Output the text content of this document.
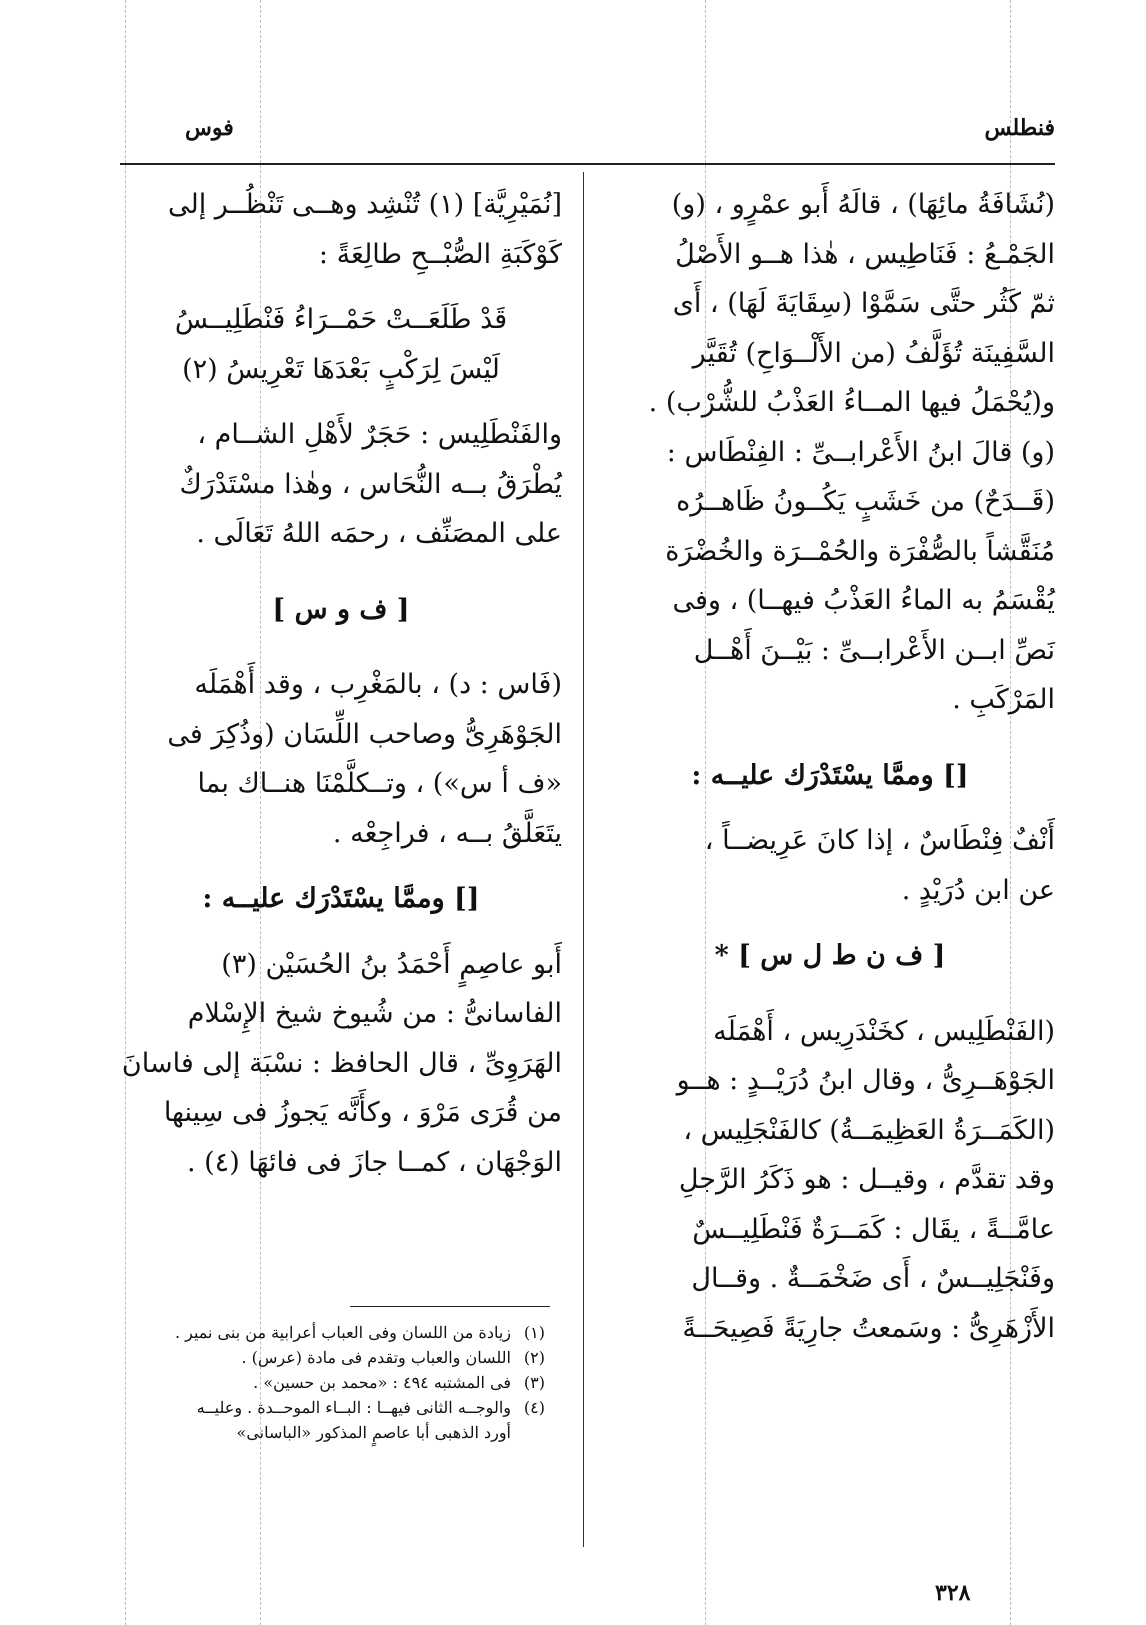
فنطلس
فوس

(نُشَافَةُ مائِهَا) ، قالَهُ أَبو عمْرٍو ، (و)

الجَمْـعُ : فَنَاطِيس ، هٰذا هــو الأَصْلُ

ثمّ كَثُر حتَّى سَمَّوْا (سِقَايَةَ لَهَا) ، أَى

السَّفِينَة تُؤَلَّفُ (من الأَلْــوَاحِ) تُقَيَّر

و(يُحْمَلُ فيها المــاءُ العَذْبُ للشُّرْب) .

(و) قالَ ابنُ الأَعْرابــىِّ : الفِنْطَاس :

(قَــدَحٌ) من خَشَبٍ يَكُــونُ ظَاهــرُه

مُنَقَّشاً بالصُّفْرَة والحُمْــرَة والخُضْرَة

يُقْسَمُ به الماءُ العَذْبُ فيهــا) ، وفى

نَصِّ ابــن الأَعْرابــىِّ : بَيْــنَ أَهْــل

المَرْكَبِ .

[] وممَّا يسْتَدْرَك عليــه :

أَنْفٌ فِنْطَاسٌ ، إذا كانَ عَرِيضــاً ،

عن ابن دُرَيْدٍ .

[ ف ن ط ل س ] *

(الفَنْطَلِيس ، كخَنْدَرِيس ، أَهْمَلَه

الجَوْهَــرِىُّ ، وقال ابنُ دُرَيْــدٍ : هــو

(الكَمَــرَةُ العَظِيمَــةُ) كالفَنْجَلِيس ،

وقد تقدَّم ، وقيــل : هو ذَكَرُ الرَّجلِ

عامَّــةً ، يقَال : كَمَــرَةٌ فَنْطَلِيــسٌ

وفَنْجَلِيــسٌ ، أَى ضَخْمَــةٌ . وقــال

الأَزْهَرِىُّ : وسَمعتُ جارِيَةً فَصِيحَــةً

[نُمَيْرِيَّة] (١) تُنْشِد وهــى تَنْظُــر إلى

كَوْكَبَةِ الصُّبْــحِ طالِعَةً :

قَدْ طَلَعَــتْ حَمْــرَاءُ فَنْطَلِيــسُ
لَيْسَ لِرَكْبٍ بَعْدَهَا تَعْرِيسُ (٢)

والفَنْطَلِيس : حَجَرٌ لأَهْلِ الشــام ،

يُطْرَقُ بــه النُّحَاس ، وهٰذا مسْتَدْرَكٌ

على المصَنِّف ، رحمَه اللهُ تَعَالَى .

[ ف و س ]

(فَاس : د) ، بالمَغْرِب ، وقد أَهْمَلَه

الجَوْهَرِىُّ وصاحب اللِّسَان (وذُكِرَ فى

«ف أ س») ، وتــكلَّمْنَا هنــاك بما

يتَعَلَّقُ بــه ، فراجِعْه .

[] وممَّا يسْتَدْرَك عليــه :

أَبو عاصِمٍ أَحْمَدُ بنُ الحُسَيْن (٣)

الفاسانىُّ : من شُيوخ شيخ الإِسْلام

الهَرَوِىِّ ، قال الحافظ : نسْبَة إلى فاسانَ

من قُرَى مَرْوَ ، وكأَنَّه يَجوزُ فى سِينها

الوَجْهَان ، كمــا جازَ فى فائهَا (٤) .

(١)زيادة من اللسان وفى العباب أعرابية من بنى نمير .

(٢)اللسان والعباب وتقدم فى مادة (عرس) .

(٣)فى المشتبه ٤٩٤ : «محمد بن حسين» .

(٤)والوجــه الثانى فيهــا : البــاء الموحــدة . وعليــه

أورد الذهبى أبا عاصمٍ المذكور «الباسانى»

٣٢٨
